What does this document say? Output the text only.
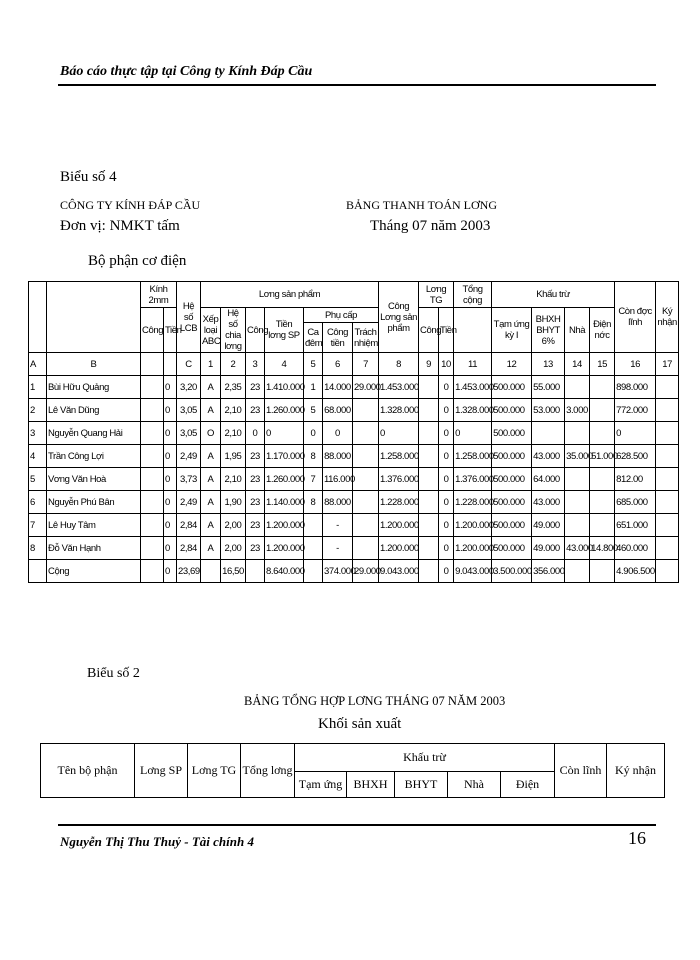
Báo cáo thực tập tại Công ty Kính Đáp Cầu
Biểu số 4
CÔNG TY KÍNH ĐÁP CẦU
Đơn vị: NMKT tấm
BẢNG THANH TOÁN LƠNG
Tháng 07 năm 2003
Bộ phận cơ điện
		Kính 2mm		Hệ số LCB	Lơng sản phẩm							Công Lơng sản phẩm	Lơng TG		Tổng cộng	Khấu trừ				Còn đợc lĩnh	Ký nhận
		Công	Tiền		Xếp loại ABC	Hệ số chia lơng	Công	Tiền lơng SP	Phụ cấp				Công	Tiền		Tạm ứng kỳ I	BHXH BHYT 6%	Nhà	Điện nớc		
									Ca đêm	Công tiền	Trách nhiệm										
A	B			C	1	2	3	4	5	6	7	8	9	10	11	12	13	14	15	16	17
1	Bùi Hữu Quảng		0	3,20	A	2,35	23	1.410.000	1	14.000	29.000	1.453.000		0	1.453.000	500.000	55.000			898.000	
2	Lê Văn Dũng		0	3,05	A	2,10	23	1.260.000	5	68.000		1.328.000		0	1.328.000	500.000	53.000	3.000		772.000	
3	Nguyễn Quang Hải		0	3,05	O	2,10	0	0	0	0		0		0	0	500.000				0	
4	Trần Công Lợi		0	2,49	A	1,95	23	1.170.000	8	88.000		1.258.000		0	1.258.000	500.000	43.000	35.000	51.000	628.500	
5	Vơng Văn Hoà		0	3,73	A	2,10	23	1.260.000	7	116.000		1.376.000		0	1.376.000	500.000	64.000			812.00	
6	Nguyễn Phú Bân		0	2,49	A	1,90	23	1.140.000	8	88.000		1.228.000		0	1.228.000	500.000	43.000			685.000	
7	Lê Huy Tâm		0	2,84	A	2,00	23	1.200.000		-		1.200.000		0	1.200.000	500.000	49.000			651.000	
8	Đỗ Văn Hạnh		0	2,84	A	2,00	23	1.200.000		-		1.200.000		0	1.200.000	500.000	49.000	43.000	14.800	460.000	
	Cộng		0	23,69		16,50		8.640.000		374.000	29.000	9.043.000		0	9.043.000	3.500.000	356.000			4.906.500	
Biểu số 2
BẢNG TỔNG HỢP LƠNG THÁNG 07 NĂM 2003
Khối sản xuất
Tên bộ phận	Lơng SP	Lơng TG	Tổng lơng	Khấu trừ					Còn lĩnh	Ký nhận
				Tạm ứng	BHXH	BHYT	Nhà	Điện		
Nguyễn Thị Thu Thuỷ - Tài chính 4	16
